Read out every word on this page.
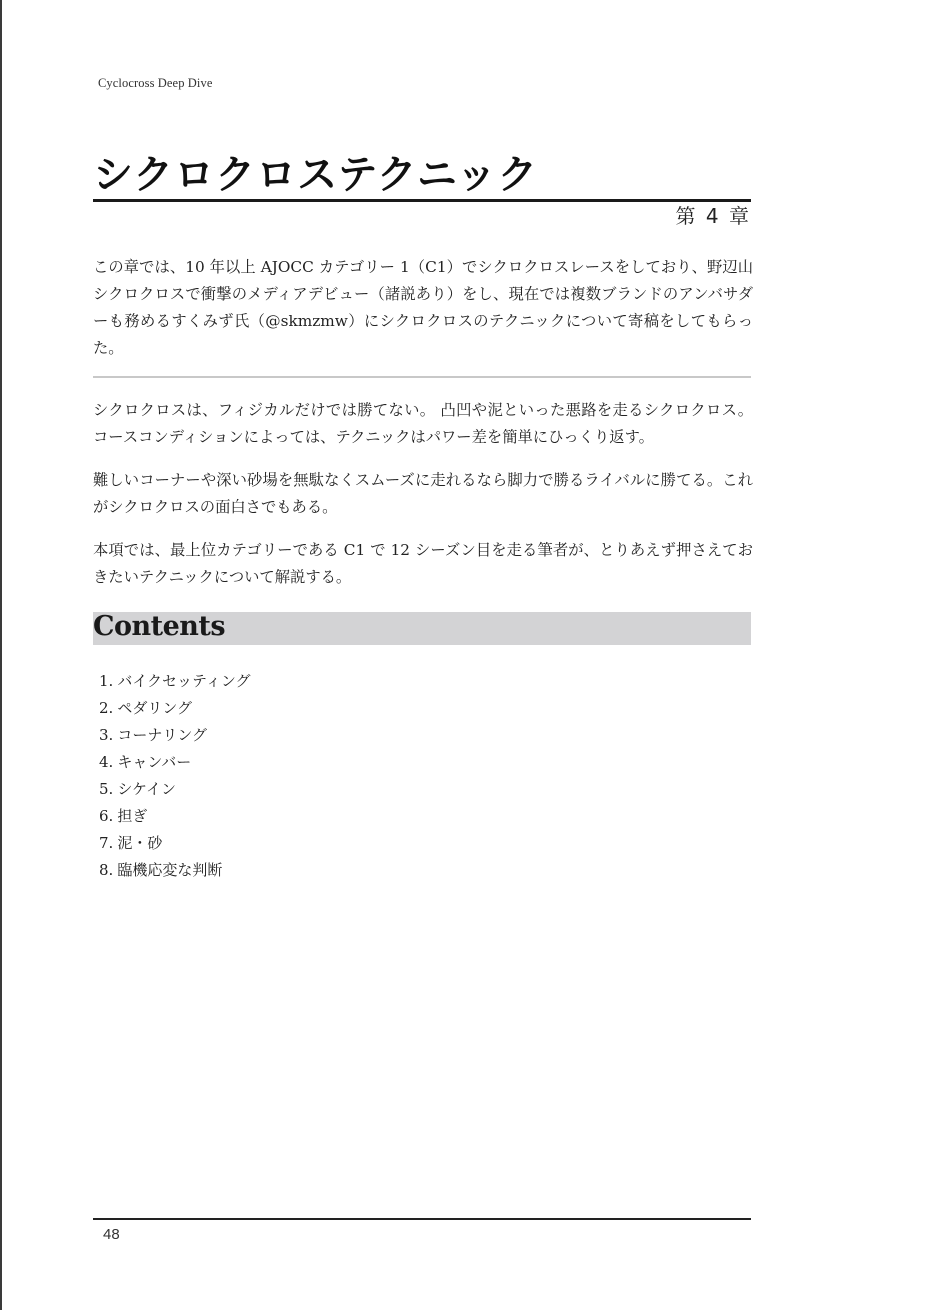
Cyclocross Deep Dive
シクロクロステクニック
第 4 章

この章では、10 年以上 AJOCC カテゴリー 1（C1）でシクロクロスレースをしており、野辺山シクロクロスで衝撃のメディアデビュー（諸説あり）をし、現在では複数ブランドのアンバサダーも務めるすくみず氏（@skmzmw）にシクロクロスのテクニックについて寄稿をしてもらった。

シクロクロスは、フィジカルだけでは勝てない。 凸凹や泥といった悪路を走るシクロクロス。コースコンディションによっては、テクニックはパワー差を簡単にひっくり返す。

難しいコーナーや深い砂場を無駄なくスムーズに走れるなら脚力で勝るライバルに勝てる。これがシクロクロスの面白さでもある。

本項では、最上位カテゴリーである C1 で 12 シーズン目を走る筆者が、とりあえず押さえておきたいテクニックについて解説する。

Contents
1. バイクセッティング
2. ペダリング
3. コーナリング
4. キャンバー
5. シケイン
6. 担ぎ
7. 泥・砂
8. 臨機応変な判断
48
